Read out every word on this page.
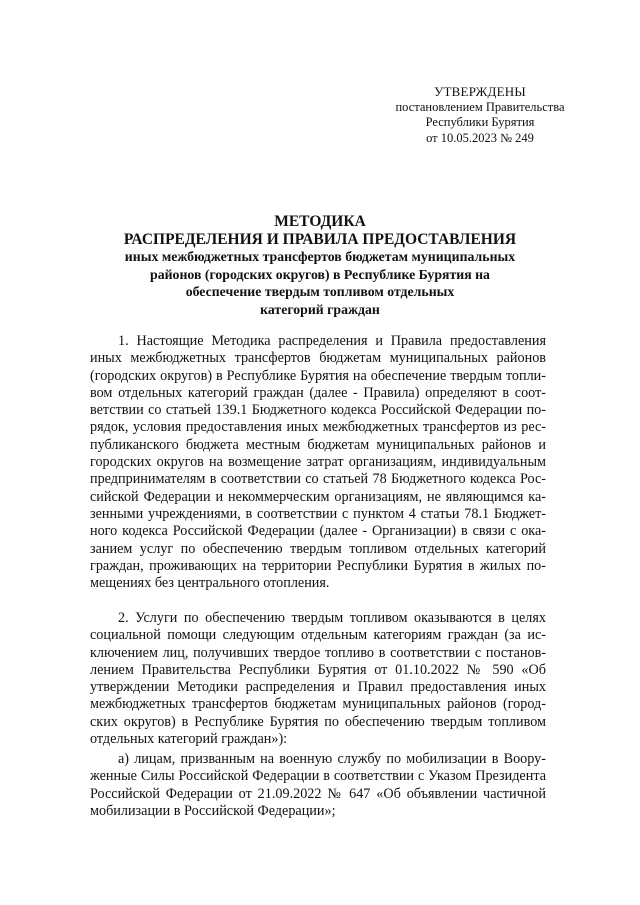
УТВЕРЖДЕНЫ
постановлением Правительства
Республики Бурятия
от 10.05.2023 № 249
МЕТОДИКА
РАСПРЕДЕЛЕНИЯ И ПРАВИЛА ПРЕДОСТАВЛЕНИЯ
иных межбюджетных трансфертов бюджетам муниципальных
районов (городских округов) в Республике Бурятия на
обеспечение твердым топливом отдельных
категорий граждан
1. Настоящие Методика распределения и Правила предоставления
иных межбюджетных трансфертов бюджетам муниципальных районов
(городских округов) в Республике Бурятия на обеспечение твердым топли-
вом отдельных категорий граждан (далее - Правила) определяют в соот-
ветствии со статьей 139.1 Бюджетного кодекса Российской Федерации по-
рядок, условия предоставления иных межбюджетных трансфертов из рес-
публиканского бюджета местным бюджетам муниципальных районов и
городских округов на возмещение затрат организациям, индивидуальным
предпринимателям в соответствии со статьей 78 Бюджетного кодекса Рос-
сийской Федерации и некоммерческим организациям, не являющимся ка-
зенными учреждениями, в соответствии с пунктом 4 статьи 78.1 Бюджет-
ного кодекса Российской Федерации (далее - Организации) в связи с ока-
занием услуг по обеспечению твердым топливом отдельных категорий
граждан, проживающих на территории Республики Бурятия в жилых по-
мещениях без центрального отопления.
2. Услуги по обеспечению твердым топливом оказываются в целях
социальной помощи следующим отдельным категориям граждан (за ис-
ключением лиц, получивших твердое топливо в соответствии с постанов-
лением Правительства Республики Бурятия от 01.10.2022 № 590 «Об
утверждении Методики распределения и Правил предоставления иных
межбюджетных трансфертов бюджетам муниципальных районов (город-
ских округов) в Республике Бурятия по обеспечению твердым топливом
отдельных категорий граждан»):
а) лицам, призванным на военную службу по мобилизации в Воору-
женные Силы Российской Федерации в соответствии с Указом Президента
Российской Федерации от 21.09.2022 № 647 «Об объявлении частичной
мобилизации в Российской Федерации»;
